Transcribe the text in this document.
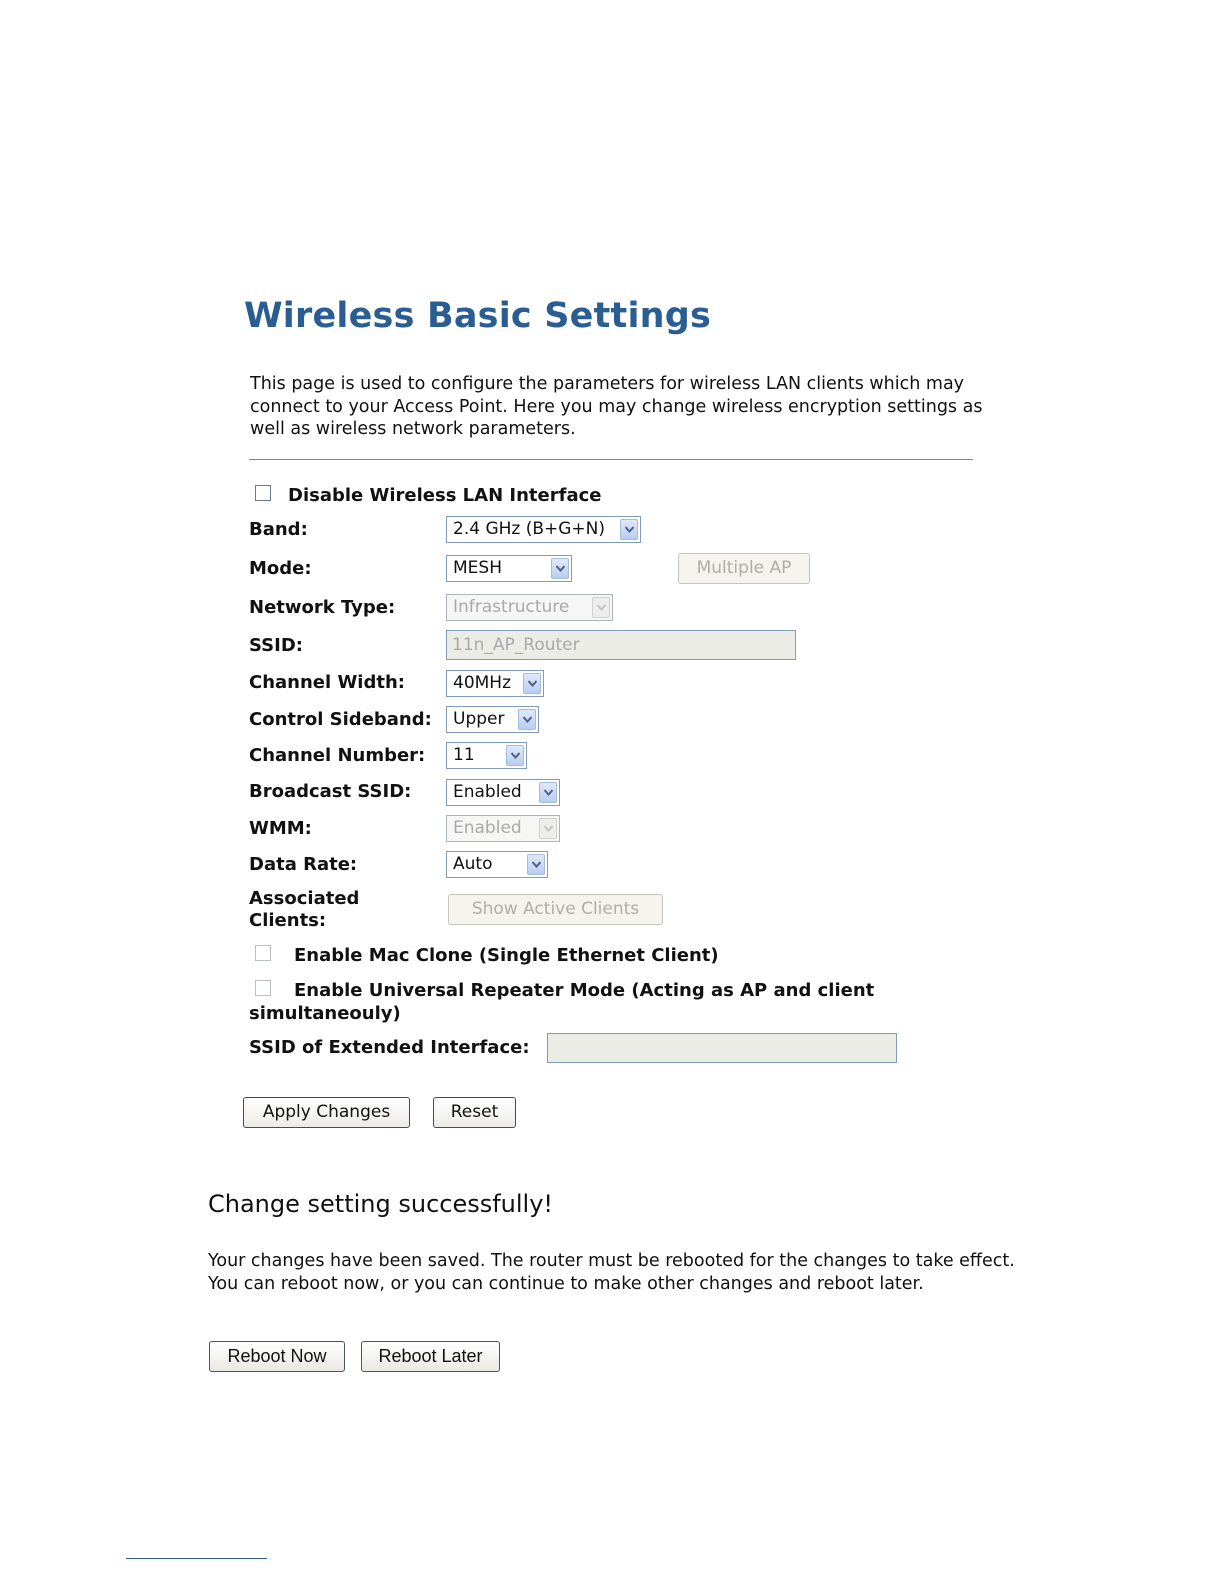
Wireless Basic Settings
This page is used to configure the parameters for wireless LAN clients which may connect to your Access Point. Here you may change wireless encryption settings as well as wireless network parameters.
Disable Wireless LAN Interface
Band:	2.4 GHz (B+G+N)
Mode:	MESH	Multiple AP
Network Type:	Infrastructure
SSID:	11n_AP_Router
Channel Width:	40MHz
Control Sideband:	Upper
Channel Number:	11
Broadcast SSID:	Enabled
WMM:	Enabled
Data Rate:	Auto
Associated
Clients:
Show Active Clients
Enable Mac Clone (Single Ethernet Client)
Enable Universal Repeater Mode (Acting as AP and client
simultaneouly)
SSID of Extended Interface:
Apply Changes	Reset
Change setting successfully!
Your changes have been saved. The router must be rebooted for the changes to take effect.
You can reboot now, or you can continue to make other changes and reboot later.
Reboot Now	Reboot Later
